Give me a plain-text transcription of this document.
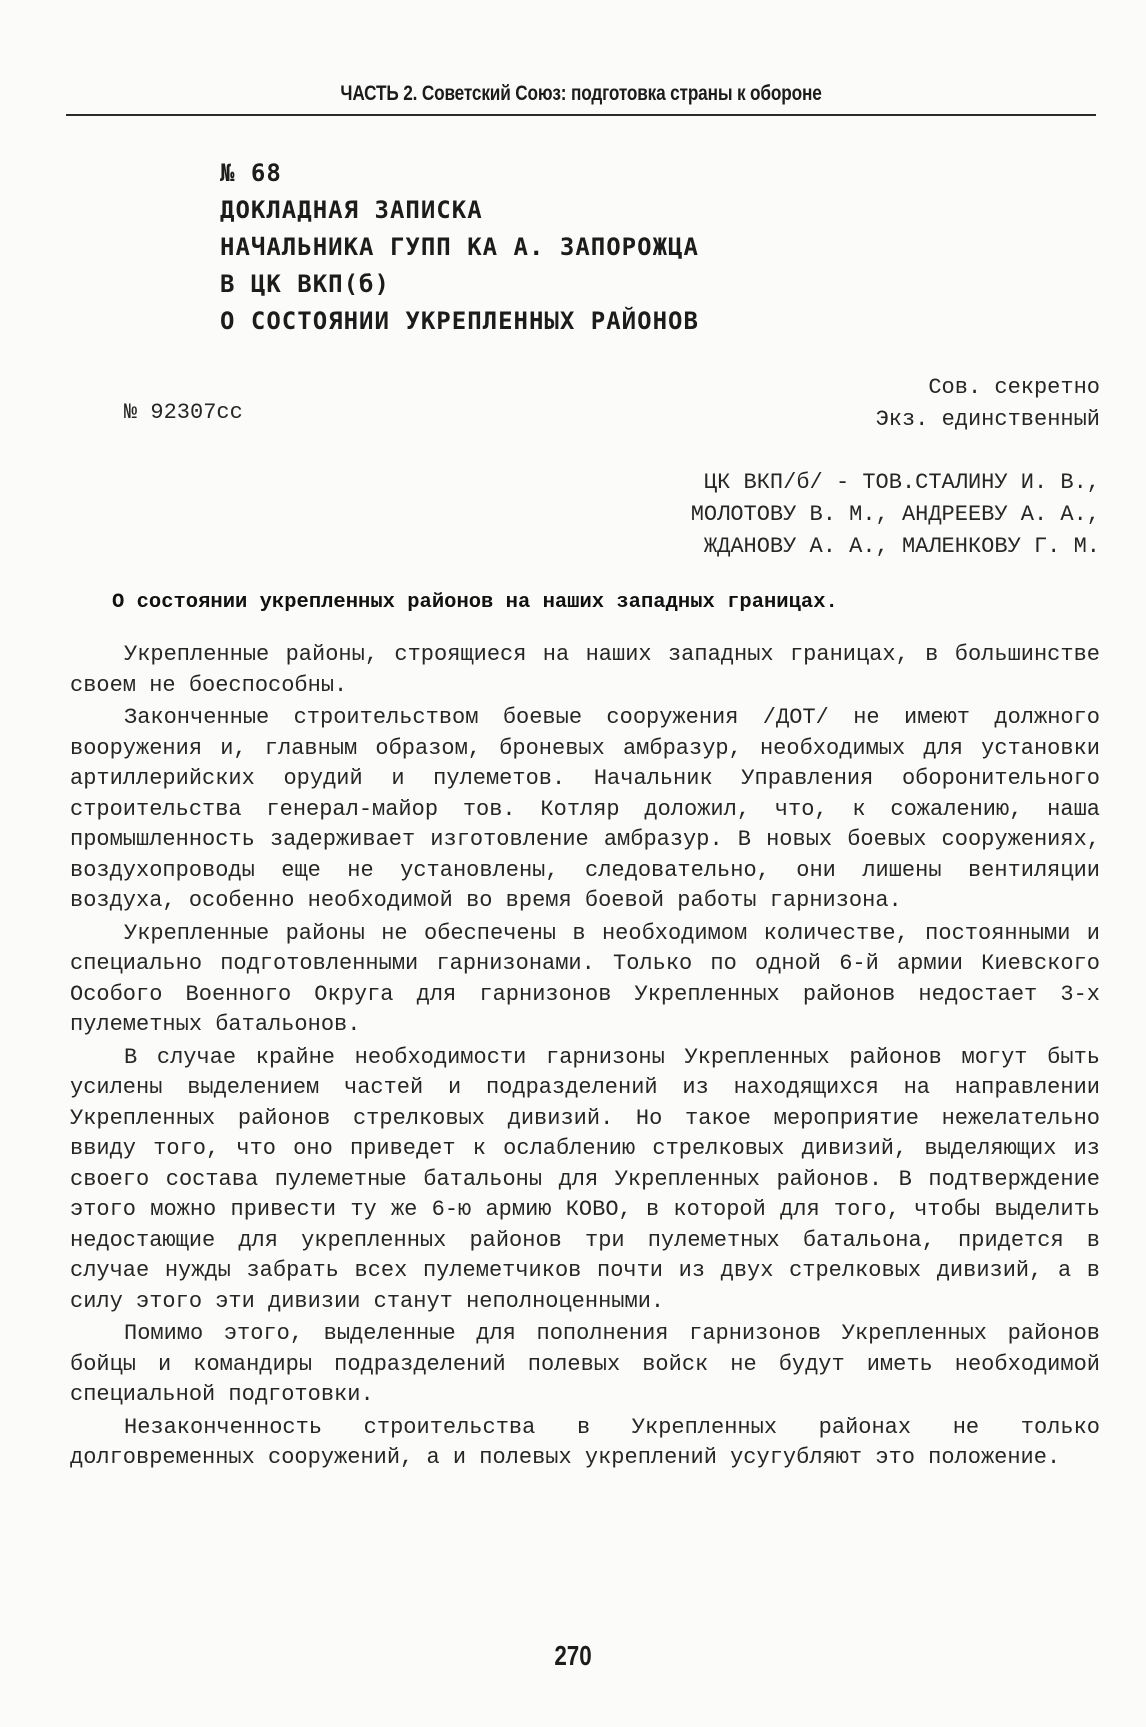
ЧАСТЬ 2. Советский Союз: подготовка страны к обороне
№ 68
ДОКЛАДНАЯ ЗАПИСКА
НАЧАЛЬНИКА ГУПП КА А. ЗАПОРОЖЦА
В ЦК ВКП(б)
О СОСТОЯНИИ УКРЕПЛЕННЫХ РАЙОНОВ
№ 92307сс
Сов. секретно
Экз. единственный
ЦК ВКП/б/ - ТОВ.СТАЛИНУ И. В.,
МОЛОТОВУ В. М., АНДРЕЕВУ А. А.,
ЖДАНОВУ А. А., МАЛЕНКОВУ Г. М.
О состоянии укрепленных районов на наших западных границах.

Укрепленные районы, строящиеся на наших западных границах, в большинстве своем не боеспособны.

Законченные строительством боевые сооружения /ДОТ/ не имеют должного вооружения и, главным образом, броневых амбразур, необходимых для установки артиллерийских орудий и пулеметов. Начальник Управления оборонительного строительства генерал-майор тов. Котляр доложил, что, к сожалению, наша промышленность задерживает изготовление амбразур. В новых боевых сооружениях, воздухопроводы еще не установлены, следовательно, они лишены вентиляции воздуха, особенно необходимой во время боевой работы гарнизона.

Укрепленные районы не обеспечены в необходимом количестве, постоянными и специально подготовленными гарнизонами. Только по одной 6-й армии Киевского Особого Военного Округа для гарнизонов Укрепленных районов недостает 3-х пулеметных батальонов.

В случае крайне необходимости гарнизоны Укрепленных районов могут быть усилены выделением частей и подразделений из находящихся на направлении Укрепленных районов стрелковых дивизий. Но такое мероприятие нежелательно ввиду того, что оно приведет к ослаблению стрелковых дивизий, выделяющих из своего состава пулеметные батальоны для Укрепленных районов. В подтверждение этого можно привести ту же 6-ю армию КОВО, в которой для того, чтобы выделить недостающие для укрепленных районов три пулеметных батальона, придется в случае нужды забрать всех пулеметчиков почти из двух стрелковых дивизий, а в силу этого эти дивизии станут неполноценными.

Помимо этого, выделенные для пополнения гарнизонов Укрепленных районов бойцы и командиры подразделений полевых войск не будут иметь необходимой специальной подготовки.

Незаконченность строительства в Укрепленных районах не только долговременных сооружений, а и полевых укреплений усугубляют это положение.

270
